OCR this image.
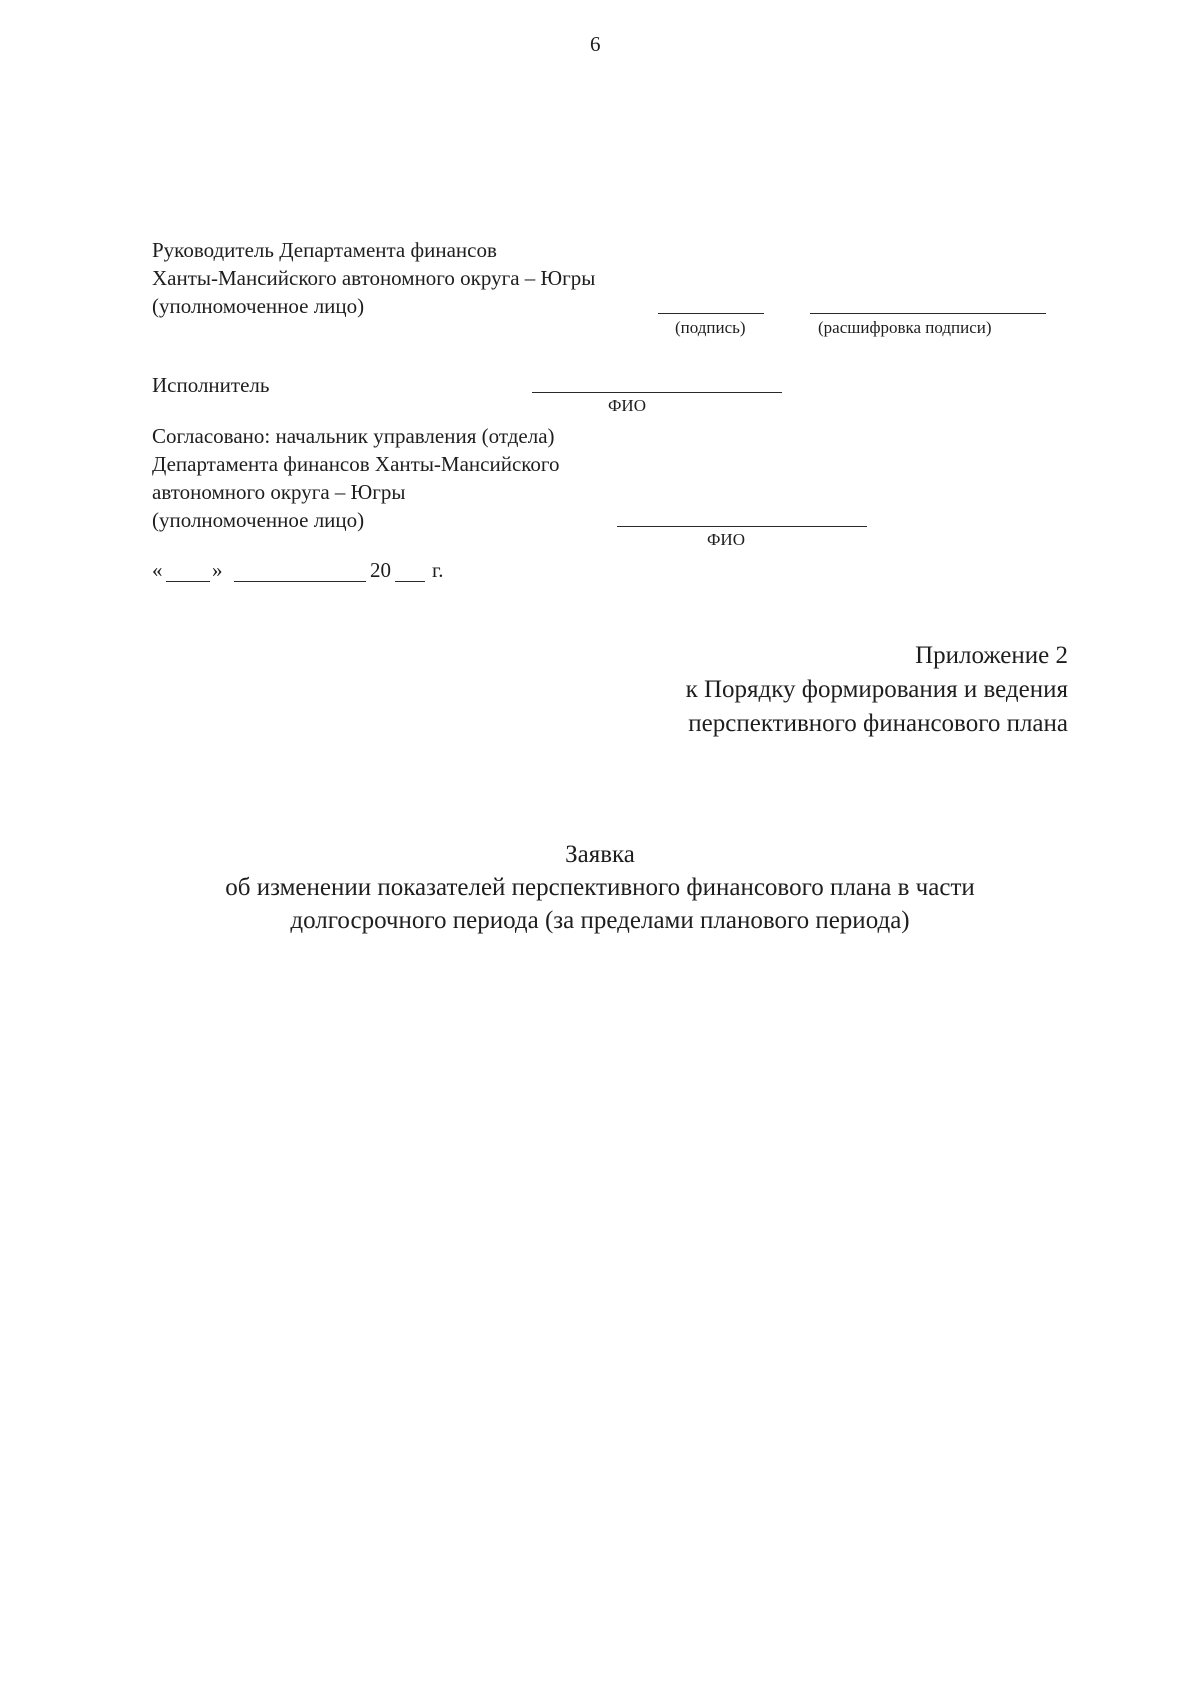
6
Руководитель Департамента финансов
Ханты-Мансийского автономного округа – Югры
(уполномоченное лицо)
(подпись)	(расшифровка подписи)
Исполнитель
ФИО
Согласовано: начальник управления (отдела)
Департамента финансов Ханты-Мансийского
автономного округа – Югры
(уполномоченное лицо)
ФИО
« »	20 г.
Приложение 2
к Порядку формирования и ведения
перспективного финансового плана
Заявка
об изменении показателей перспективного финансового плана в части
долгосрочного периода (за пределами планового периода)
